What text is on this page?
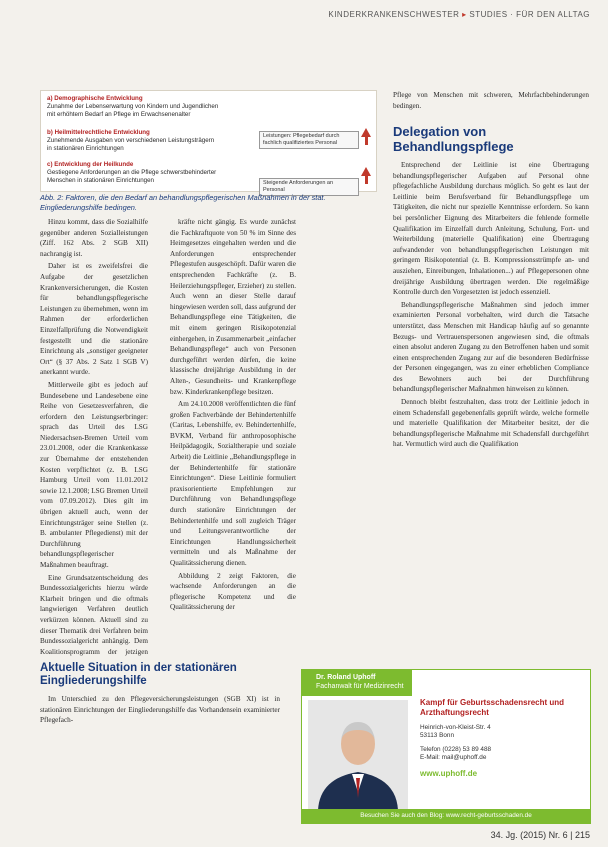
KINDERKRANKENSCHWESTER ▸ STUDIES · FÜR DEN ALLTAG
a) Demographische Entwicklung
Zunahme der Lebenserwartung von Kindern und Jugendlichen
mit erhöhtem Bedarf an Pflege im Erwachsenenalter
b) Heilmittelrechtliche Entwicklung
Zunehmende Ausgaben von verschiedenen Leistungsträgern
in stationären Einrichtungen
Leistungen: Pflegebedarf durch fachlich qualifiziertes Personal
c) Entwicklung der Heilkunde
Gestiegene Anforderungen an die Pflege schwerstbehinderter
Menschen in stationären Einrichtungen	Steigende Anforderungen an Personal
Abb. 2: Faktoren, die den Bedarf an behandlungspflegerischen Maßnahmen in der stat. Eingliederungshilfe bedingen.

Hinzu kommt, dass die Sozialhilfe gegenüber anderen Sozialleistungen (Ziff. 162 Abs. 2 SGB XII) nachrangig ist.

Daher ist es zweifelsfrei die Aufgabe der gesetzlichen Krankenversicherungen, die Kosten für behandlungspflegerische Leistungen zu übernehmen, wenn im Rahmen der erforderlichen Einzelfallprüfung die Notwendigkeit festgestellt und die stationäre Einrichtung als „sonstiger geeigneter Ort“ (§ 37 Abs. 2 Satz 1 SGB V) anerkannt wurde.

Mittlerweile gibt es jedoch auf Bundesebene und Landesebene eine Reihe von Gesetzesverfahren, die erfordern den Leistungserbringer: sprach das Urteil des LSG Niedersachsen-Bremen Urteil vom 23.01.2008, oder die Krankenkasse zur Übernahme der entstehenden Kosten verpflichtet (z. B. LSG Hamburg Urteil vom 11.01.2012 sowie 12.1.2008; LSG Bremen Urteil vom 07.09.2012). Dies gilt im übrigen aktuell auch, wenn der Einrichtungsträger seine Stellen (z. B. ambulanter Pflegedienst) mit der Durchführung behandlungspflegerischer Maßnahmen beauftragt.

Eine Grundsatzentscheidung des Bundessozialgerichts hierzu würde Klarheit bringen und die oftmals langwierigen Verfahren deutlich verkürzen können. Aktuell sind zu dieser Thematik drei Verfahren beim Bundessozialgericht anhängig. Dem Koalitionsprogramm der jetzigen

Aktuelle Situation in der stationären Eingliederungshilfe

Im Unterschied zu den Pflegeversicherungsleistungen (SGB XI) ist in stationären Einrichtungen der Eingliederungshilfe das Vorhandensein examinierter Pflegefach-

kräfte nicht gängig. Es wurde zunächst die Fachkraftquote von 50 % im Sinne des Heimgesetzes eingehalten werden und die Anforderungen entsprechender Pflegestufen ausgeschöpft. Dafür waren die entsprechenden Fachkräfte (z. B. Heilerziehungspfleger, Erzieher) zu stellen. Auch wenn an dieser Stelle darauf hingewiesen werden soll, dass aufgrund der Behandlungspflege eine Tätigkeiten, die mit einem geringen Risikopotenzial einhergehen, in Zusammenarbeit „einfacher Behandlungspflege“ auch von Personen durchgeführt werden dürfen, die keine klassische dreijährige Ausbildung in der Alten-, Gesundheits- und Krankenpflege bzw. Kinderkrankenpflege besitzen.

Am 24.10.2008 veröffentlichten die fünf großen Fachverbände der Behindertenhilfe (Caritas, Lebenshilfe, ev. Behindertenhilfe, BVKM, Verband für anthroposophische Heilpädagogik, Sozialtherapie und soziale Arbeit) die Leitlinie „Behandlungspflege in der Behindertenhilfe für stationäre Einrichtungen“. Diese Leitlinie formuliert praxisorientierte Empfehlungen zur Durchführung von Behandlungspflege durch stationäre Einrichtungen der Behindertenhilfe und soll zugleich Träger und Leitungsverantwortliche der Einrichtungen Handlungssicherheit vermitteln und als Maßnahme der Qualitätssicherung dienen.

Abbildung 2 zeigt Faktoren, die wachsende Anforderungen an die pflegerische Kompetenz und die Qualitätssicherung der

Pflege von Menschen mit schweren, Mehrfachbehinderungen bedingen.

Delegation von Behandlungspflege

Entsprechend der Leitlinie ist eine Übertragung behandlungspflegerischer Aufgaben auf Personal ohne pflegefachliche Ausbildung durchaus möglich. So geht es laut der Leitlinie beim Berufsverband für Behandlungspflege um Tätigkeiten, die nicht nur spezielle Kenntnisse erfordern. So kann bei persönlicher Eignung des Mitarbeiters die fehlende formelle Qualifikation im Einzelfall durch Anleitung, Schulung, Fort- und Weiterbildung (materielle Qualifikation) eine Übertragung aufwandender von behandlungspflegerischen Leistungen mit geringem Risikopotential (z. B. Kompressionsstrümpfe an- und ausziehen, Einreibungen, Inhalationen...) auf Pflegepersonen ohne dreijährige Ausbildung übertragen werden. Die regelmäßige Kontrolle durch den Vorgesetzten ist jedoch essenziell.

Behandlungspflegerische Maßnahmen sind jedoch immer examinierten Personal vorbehalten, wird durch die Tatsache unterstützt, dass Menschen mit Handicap häufig auf so genannte Bezugs- und Vertrauenspersonen angewiesen sind, die oftmals einen absolut anderen Zugang zu den Betroffenen haben und somit einen entsprechenden Zugang zur auf die besonderen Bedürfnisse der Personen eingegangen, was zu einer erheblichen Compliance des Bewohners auch bei der Durchführung behandlungspflegerischer Maßnahmen hinweisen zu können.

Dennoch bleibt festzuhalten, dass trotz der Leitlinie jedoch in einem Schadensfall gegebenenfalls geprüft würde, welche formelle und materielle Qualifikation der Mitarbeiter besitzt, der die behandlungspflegerische Maßnahme mit Schadensfall durchgeführt hat. Vermutlich wird auch die Qualifikation

Dr. Roland Uphoff
Fachanwalt für Medizinrecht
Kampf für Geburtsschadensrecht und Arzthaftungsrecht
Heinrich-von-Kleist-Str. 4
53113 Bonn
Telefon (0228) 53 89 488
E-Mail: mail@uphoff.de
www.uphoff.de
Besuchen Sie auch den Blog: www.recht-geburtsschaden.de
34. Jg. (2015) Nr. 6 | 215
